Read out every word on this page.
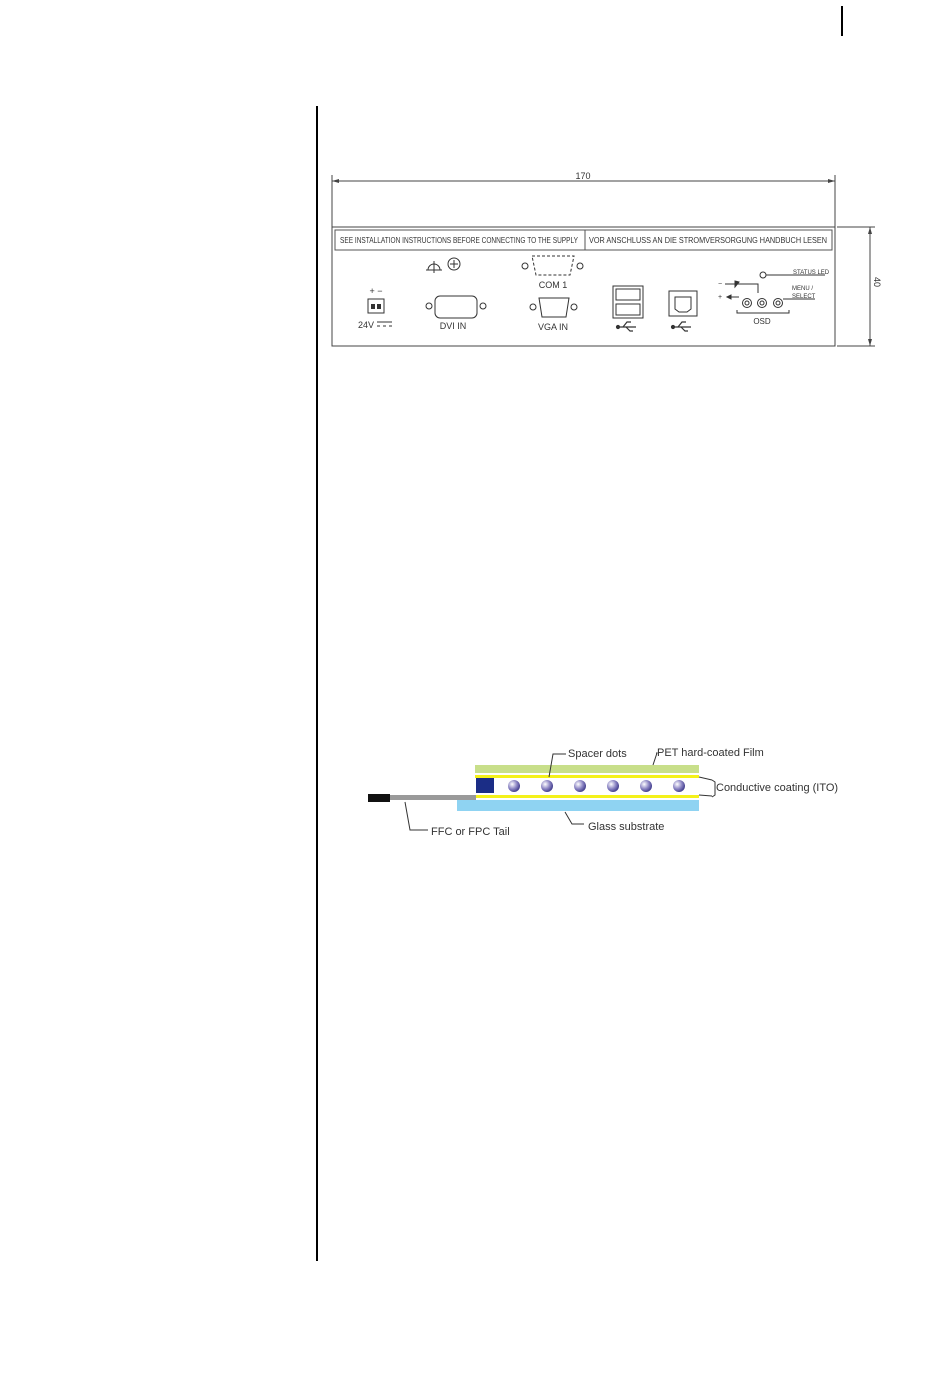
170
40
SEE INSTALLATION INSTRUCTIONS BEFORE CONNECTING TO THE SUPPLY VOR ANSCHLUSS AN DIE STROMVERSORGUNG HANDBUCH LESEN
+ −
24V	DVI IN
COM 1
VGA IN
STATUS LED
−
+
MENU /
SELECT
OSD
Spacer dots	PET hard-coated Film
Conductive coating (ITO)
FFC or FPC Tail	Glass substrate
